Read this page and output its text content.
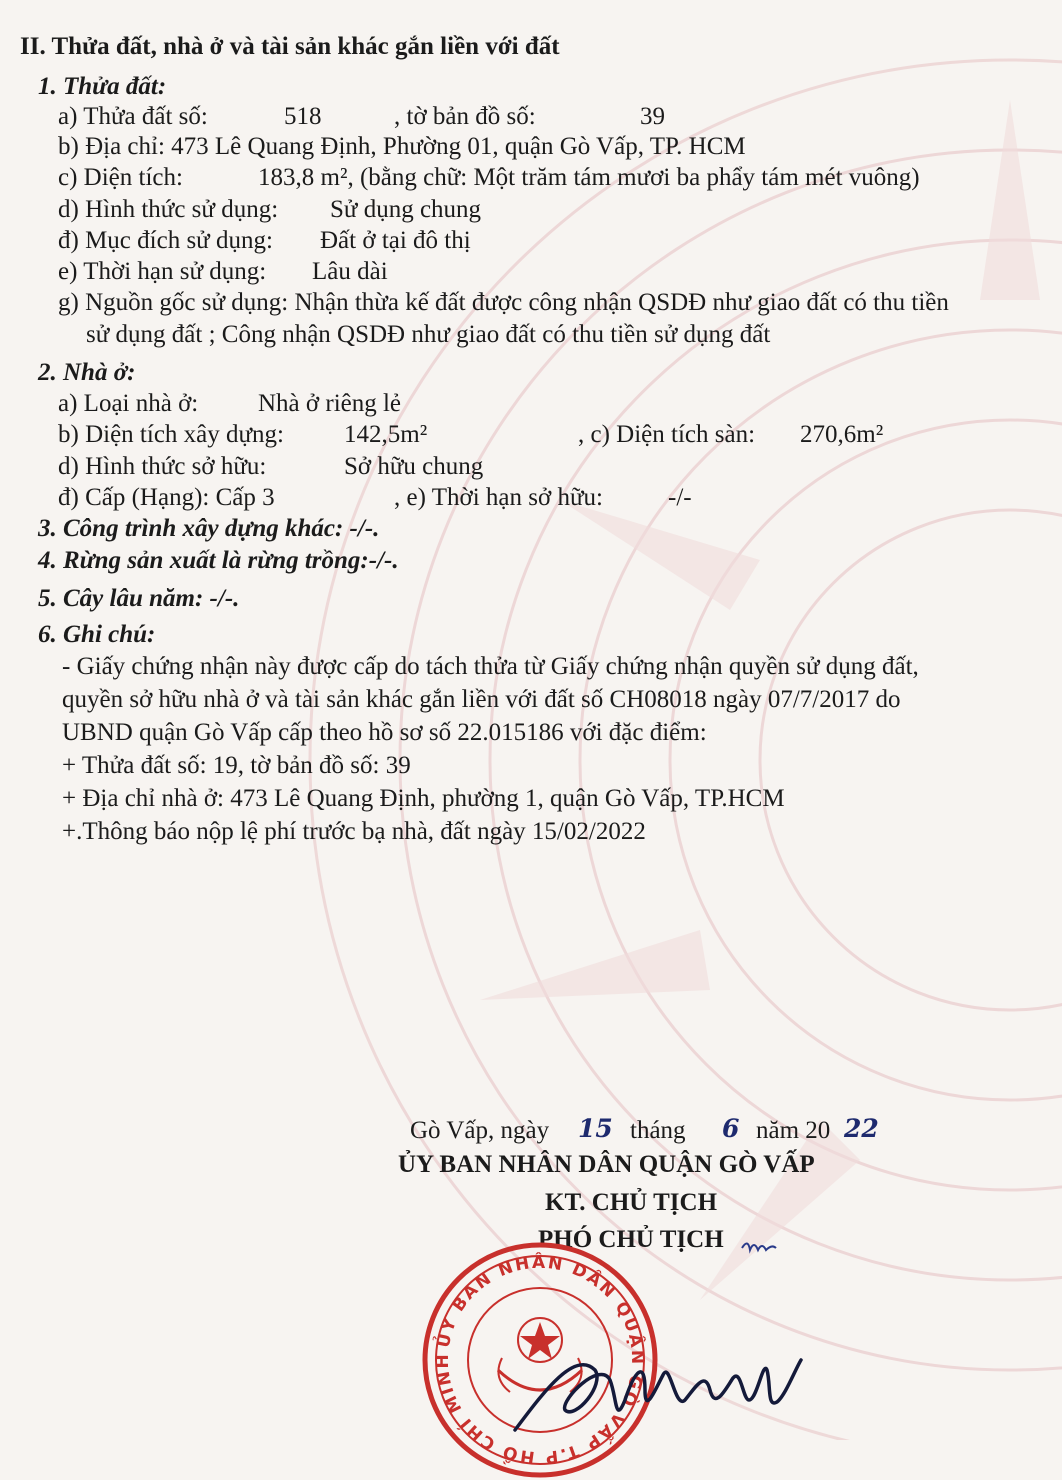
II. Thửa đất, nhà ở và tài sản khác gắn liền với đất
1. Thửa đất:
a) Thửa đất số:	518	, tờ bản đồ số:	39
b) Địa chỉ: 473 Lê Quang Định, Phường 01, quận Gò Vấp, TP. HCM
c) Diện tích:	183,8 m², (bằng chữ: Một trăm tám mươi ba phẩy tám mét vuông)
d) Hình thức sử dụng: Sử dụng chung
đ) Mục đích sử dụng: Đất ở tại đô thị
e) Thời hạn sử dụng: Lâu dài
g) Nguồn gốc sử dụng: Nhận thừa kế đất được công nhận QSDĐ như giao đất có thu tiền
sử dụng đất ; Công nhận QSDĐ như giao đất có thu tiền sử dụng đất
2. Nhà ở:
a) Loại nhà ở: Nhà ở riêng lẻ
b) Diện tích xây dựng: 142,5m²	, c) Diện tích sàn: 270,6m²
d) Hình thức sở hữu:	Sở hữu chung
đ) Cấp (Hạng): Cấp 3	, e) Thời hạn sở hữu:	-/-
3. Công trình xây dựng khác: -/-.
4. Rừng sản xuất là rừng trồng:-/-.
5. Cây lâu năm: -/-.
6. Ghi chú:
- Giấy chứng nhận này được cấp do tách thửa từ Giấy chứng nhận quyền sử dụng đất,
quyền sở hữu nhà ở và tài sản khác gắn liền với đất số CH08018 ngày 07/7/2017 do
UBND quận Gò Vấp cấp theo hồ sơ số 22.015186 với đặc điểm:
+ Thửa đất số: 19, tờ bản đồ số: 39
+ Địa chỉ nhà ở: 473 Lê Quang Định, phường 1, quận Gò Vấp, TP.HCM
+.Thông báo nộp lệ phí trước bạ nhà, đất ngày 15/02/2022
Gò Vấp, ngày 15 tháng 6 năm 20 22
ỦY BAN NHÂN DÂN QUẬN GÒ VẤP
KT. CHỦ TỊCH
PHÓ CHỦ TỊCH
ỦY BAN NHÂN DÂN QUẬN GÒ VẤP T.P HỒ CHÍ MINH
